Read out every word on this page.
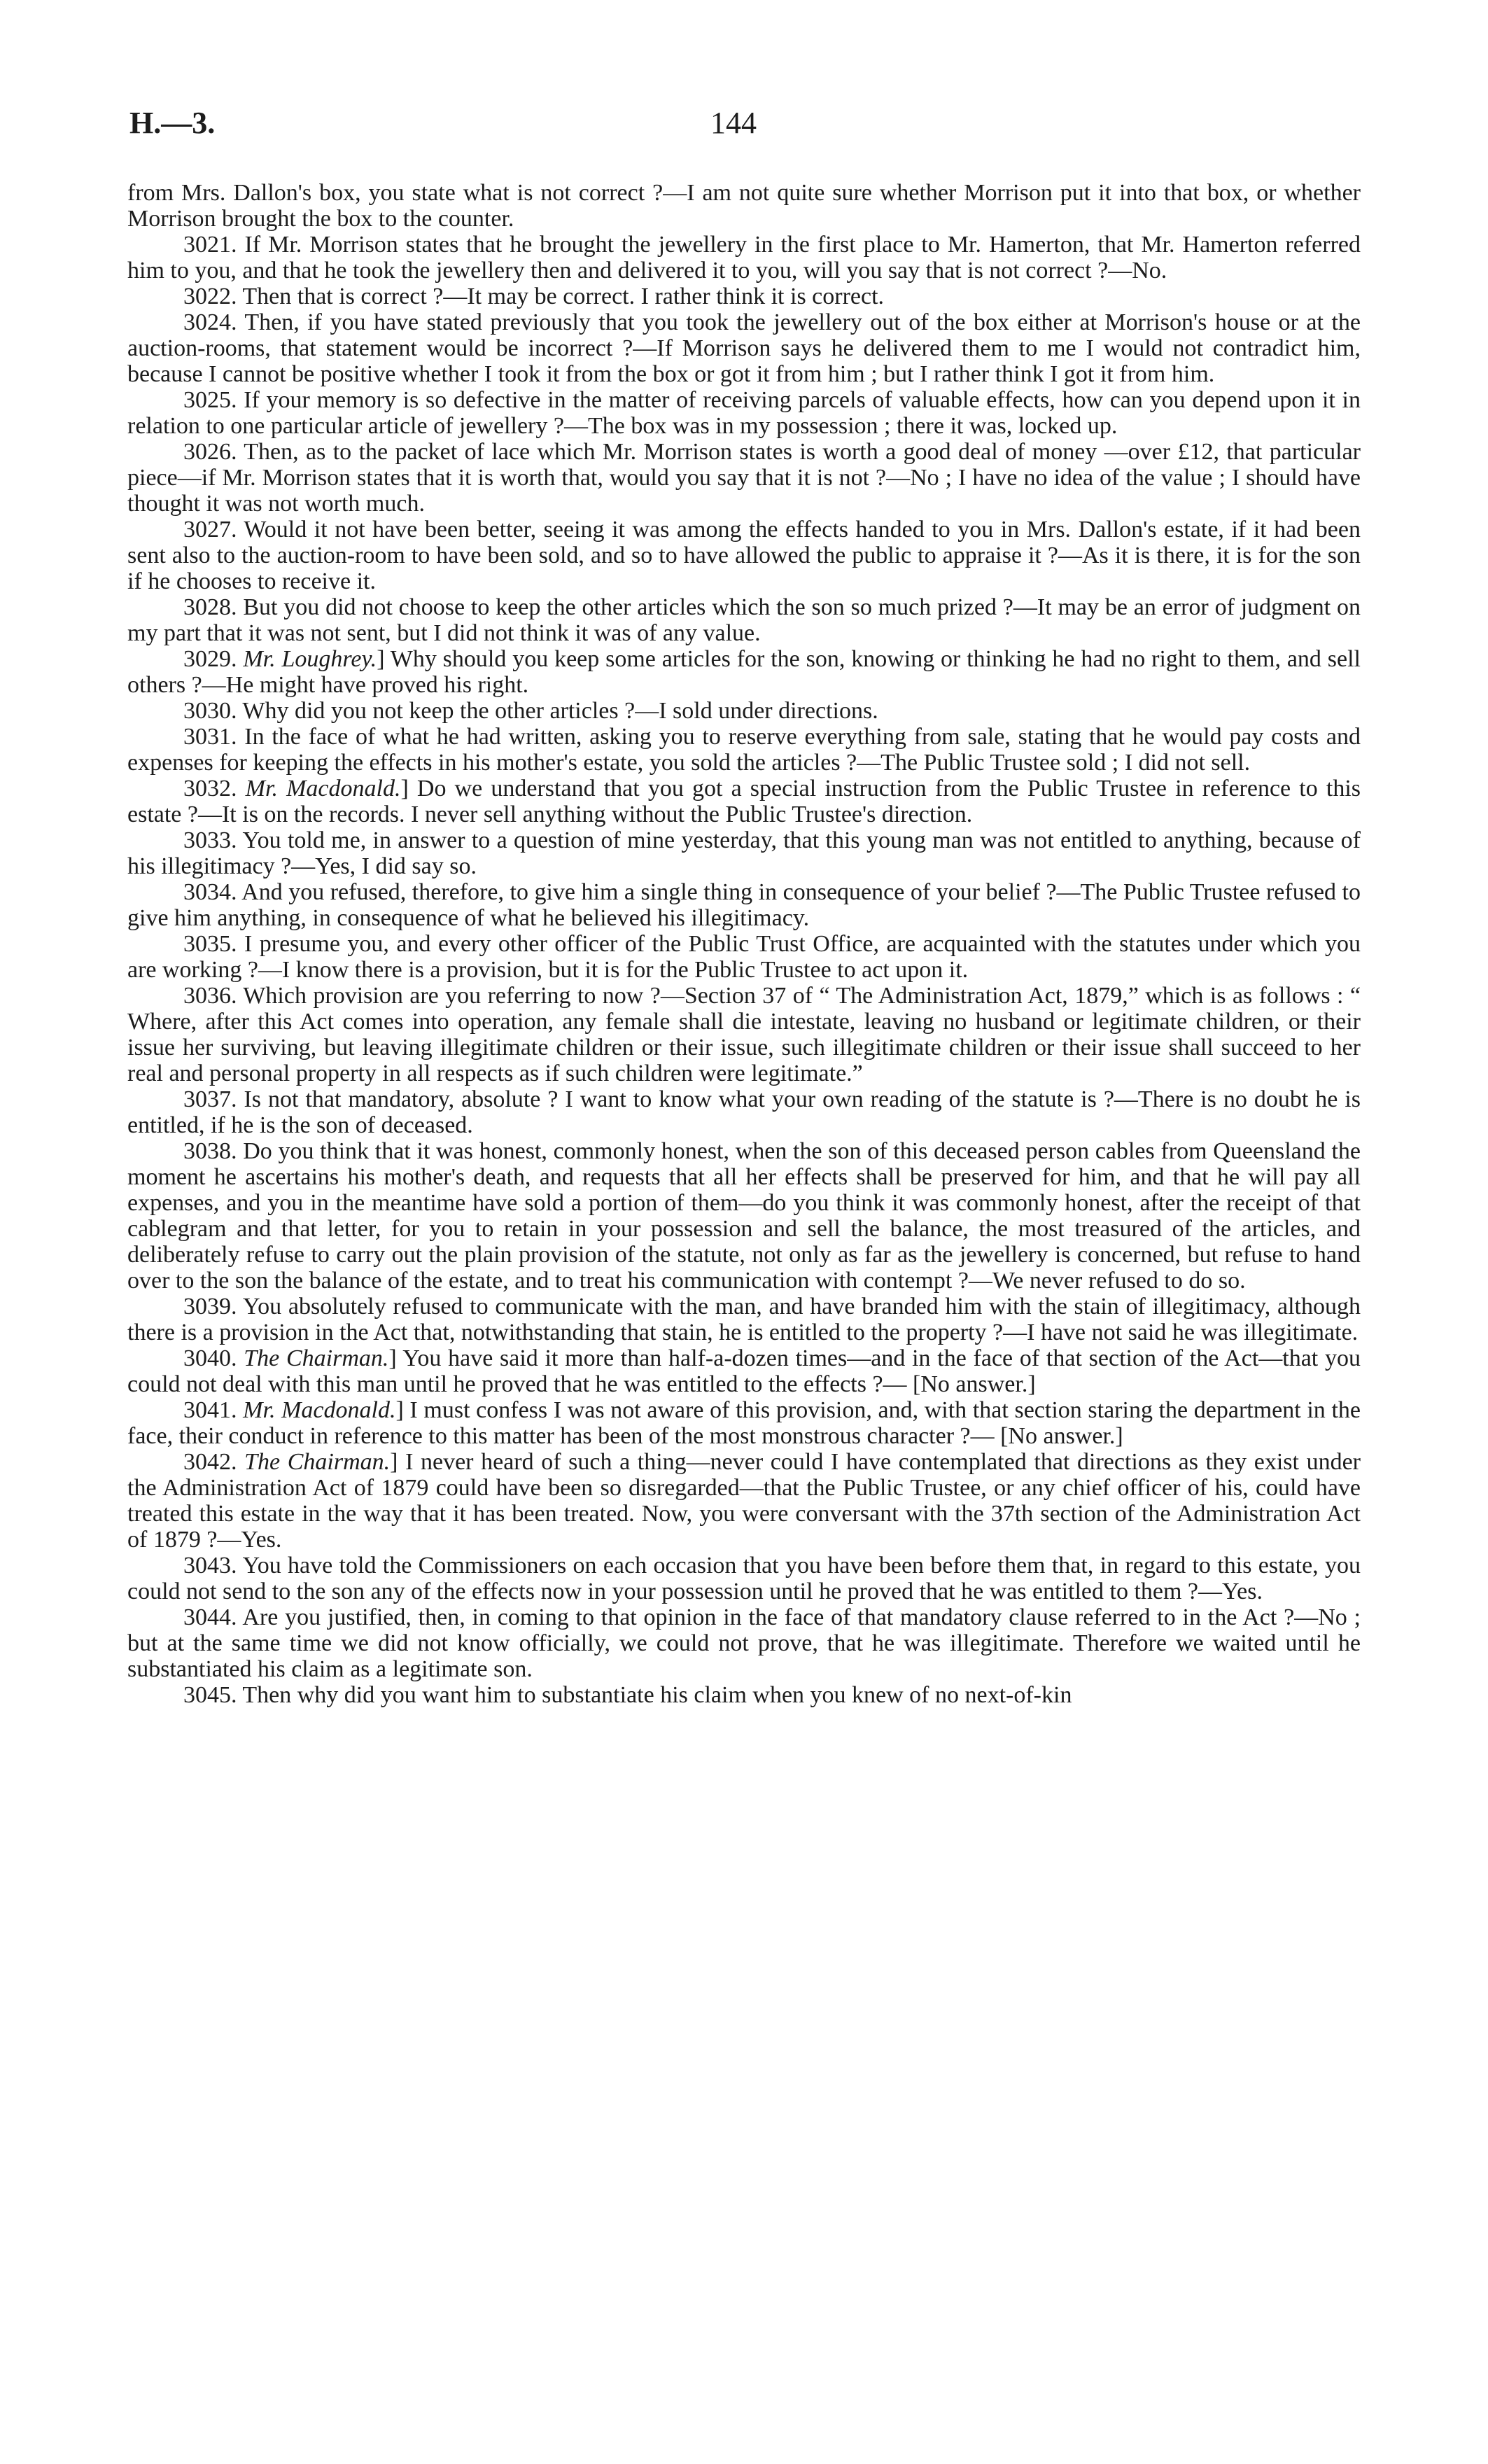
H.—3.	144

from Mrs. Dallon's box, you state what is not correct ?—I am not quite sure whether Morrison put it into that box, or whether Morrison brought the box to the counter.

3021. If Mr. Morrison states that he brought the jewellery in the first place to Mr. Hamerton, that Mr. Hamerton referred him to you, and that he took the jewellery then and delivered it to you, will you say that is not correct ?—No.

3022. Then that is correct ?—It may be correct. I rather think it is correct.

3024. Then, if you have stated previously that you took the jewellery out of the box either at Morrison's house or at the auction-rooms, that statement would be incorrect ?—If Morrison says he delivered them to me I would not contradict him, because I cannot be positive whether I took it from the box or got it from him ; but I rather think I got it from him.

3025. If your memory is so defective in the matter of receiving parcels of valuable effects, how can you depend upon it in relation to one particular article of jewellery ?—The box was in my possession ; there it was, locked up.

3026. Then, as to the packet of lace which Mr. Morrison states is worth a good deal of money —over £12, that particular piece—if Mr. Morrison states that it is worth that, would you say that it is not ?—No ; I have no idea of the value ; I should have thought it was not worth much.

3027. Would it not have been better, seeing it was among the effects handed to you in Mrs. Dallon's estate, if it had been sent also to the auction-room to have been sold, and so to have allowed the public to appraise it ?—As it is there, it is for the son if he chooses to receive it.

3028. But you did not choose to keep the other articles which the son so much prized ?—It may be an error of judgment on my part that it was not sent, but I did not think it was of any value.

3029. Mr. Loughrey.] Why should you keep some articles for the son, knowing or thinking he had no right to them, and sell others ?—He might have proved his right.

3030. Why did you not keep the other articles ?—I sold under directions.

3031. In the face of what he had written, asking you to reserve everything from sale, stating that he would pay costs and expenses for keeping the effects in his mother's estate, you sold the articles ?—The Public Trustee sold ; I did not sell.

3032. Mr. Macdonald.] Do we understand that you got a special instruction from the Public Trustee in reference to this estate ?—It is on the records. I never sell anything without the Public Trustee's direction.

3033. You told me, in answer to a question of mine yesterday, that this young man was not entitled to anything, because of his illegitimacy ?—Yes, I did say so.

3034. And you refused, therefore, to give him a single thing in consequence of your belief ?—The Public Trustee refused to give him anything, in consequence of what he believed his illegitimacy.

3035. I presume you, and every other officer of the Public Trust Office, are acquainted with the statutes under which you are working ?—I know there is a provision, but it is for the Public Trustee to act upon it.

3036. Which provision are you referring to now ?—Section 37 of “ The Administration Act, 1879,” which is as follows : “ Where, after this Act comes into operation, any female shall die intestate, leaving no husband or legitimate children, or their issue her surviving, but leaving illegitimate children or their issue, such illegitimate children or their issue shall succeed to her real and personal property in all respects as if such children were legitimate.”

3037. Is not that mandatory, absolute ? I want to know what your own reading of the statute is ?—There is no doubt he is entitled, if he is the son of deceased.

3038. Do you think that it was honest, commonly honest, when the son of this deceased person cables from Queensland the moment he ascertains his mother's death, and requests that all her effects shall be preserved for him, and that he will pay all expenses, and you in the meantime have sold a portion of them—do you think it was commonly honest, after the receipt of that cablegram and that letter, for you to retain in your possession and sell the balance, the most treasured of the articles, and deliberately refuse to carry out the plain provision of the statute, not only as far as the jewellery is concerned, but refuse to hand over to the son the balance of the estate, and to treat his communication with contempt ?—We never refused to do so.

3039. You absolutely refused to communicate with the man, and have branded him with the stain of illegitimacy, although there is a provision in the Act that, notwithstanding that stain, he is entitled to the property ?—I have not said he was illegitimate.

3040. The Chairman.] You have said it more than half-a-dozen times—and in the face of that section of the Act—that you could not deal with this man until he proved that he was entitled to the effects ?— [No answer.]

3041. Mr. Macdonald.] I must confess I was not aware of this provision, and, with that section staring the department in the face, their conduct in reference to this matter has been of the most monstrous character ?— [No answer.]

3042. The Chairman.] I never heard of such a thing—never could I have contemplated that directions as they exist under the Administration Act of 1879 could have been so disregarded—that the Public Trustee, or any chief officer of his, could have treated this estate in the way that it has been treated. Now, you were conversant with the 37th section of the Administration Act of 1879 ?—Yes.

3043. You have told the Commissioners on each occasion that you have been before them that, in regard to this estate, you could not send to the son any of the effects now in your possession until he proved that he was entitled to them ?—Yes.

3044. Are you justified, then, in coming to that opinion in the face of that mandatory clause referred to in the Act ?—No ; but at the same time we did not know officially, we could not prove, that he was illegitimate. Therefore we waited until he substantiated his claim as a legitimate son.

3045. Then why did you want him to substantiate his claim when you knew of no next-of-kin
